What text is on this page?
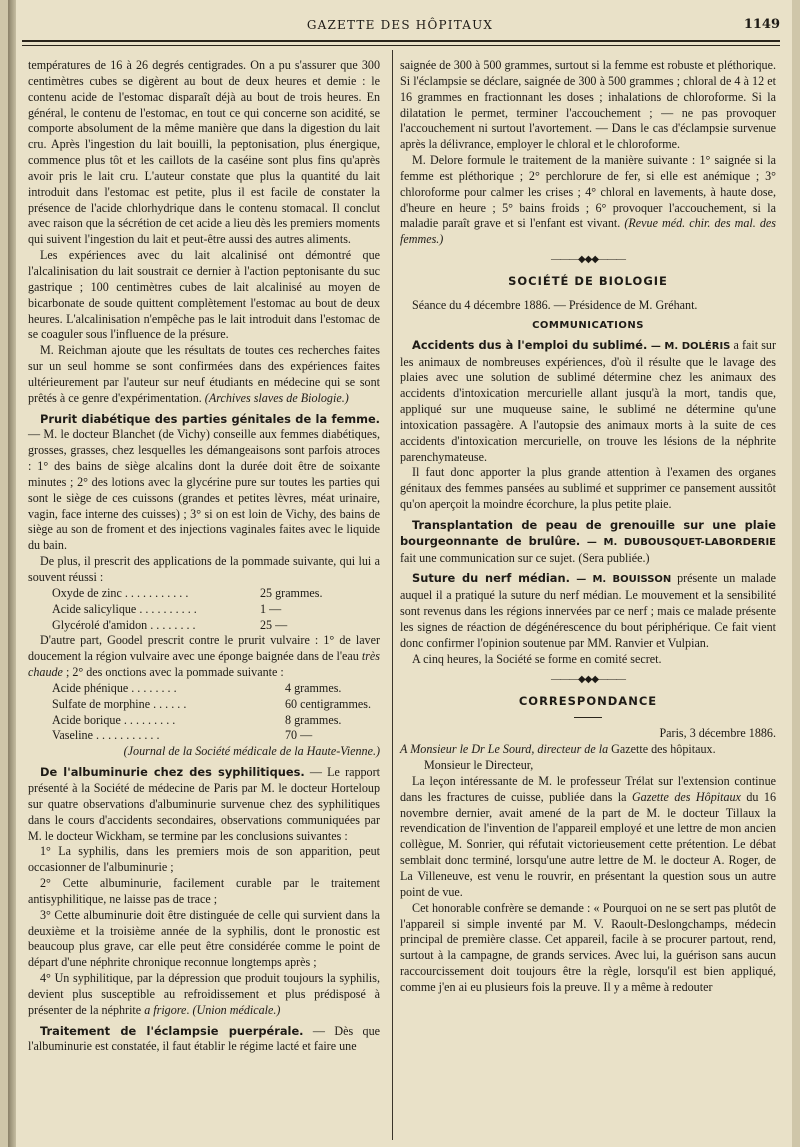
GAZETTE DES HÔPITAUX	1149

températures de 16 à 26 degrés centigrades. On a pu s'assurer que 300 centimètres cubes se digèrent au bout de deux heures et demie : le contenu acide de l'estomac disparaît déjà au bout de trois heures. En général, le contenu de l'estomac, en tout ce qui concerne son acidité, se comporte absolument de la même manière que dans la digestion du lait cru. Après l'ingestion du lait bouilli, la peptonisation, plus énergique, commence plus tôt et les caillots de la caséine sont plus fins qu'après avoir pris le lait cru. L'auteur constate que plus la quantité du lait introduit dans l'estomac est petite, plus il est facile de constater la présence de l'acide chlorhydrique dans le contenu stomacal. Il conclut avec raison que la sécrétion de cet acide a lieu dès les premiers moments qui suivent l'ingestion du lait et peut-être aussi des autres aliments.

Les expériences avec du lait alcalinisé ont démontré que l'alcalinisation du lait soustrait ce dernier à l'action peptonisante du suc gastrique ; 100 centimètres cubes de lait alcalinisé au moyen de bicarbonate de soude quittent complètement l'estomac au bout de deux heures. L'alcalinisation n'empêche pas le lait introduit dans l'estomac de se coaguler sous l'influence de la présure.

M. Reichman ajoute que les résultats de toutes ces recherches faites sur un seul homme se sont confirmées dans des expériences faites ultérieurement par l'auteur sur neuf étudiants en médecine qui se sont prêtés à ce genre d'expérimentation. (Archives slaves de Biologie.)

Prurit diabétique des parties génitales de la femme. — M. le docteur Blanchet (de Vichy) conseille aux femmes diabétiques, grosses, grasses, chez lesquelles les démangeaisons sont parfois atroces : 1° des bains de siège alcalins dont la durée doit être de soixante minutes ; 2° des lotions avec la glycérine pure sur toutes les parties qui sont le siège de ces cuissons (grandes et petites lèvres, méat urinaire, vagin, face interne des cuisses) ; 3° si on est loin de Vichy, des bains de siège au son de froment et des injections vaginales faites avec le liquide du bain.

De plus, il prescrit des applications de la pommade suivante, qui lui a souvent réussi :

Oxyde de zinc . . . . . . . . . . .	25 grammes.
Acide salicylique . . . . . . . . . .	1 —
Glycérolé d'amidon . . . . . . . .	25 —

D'autre part, Goodel prescrit contre le prurit vulvaire : 1° de laver doucement la région vulvaire avec une éponge baignée dans de l'eau très chaude ; 2° des onctions avec la pommade suivante :

Acide phénique . . . . . . . .	4 grammes.
Sulfate de morphine . . . . . .	60 centigrammes.
Acide borique . . . . . . . . .	8 grammes.
Vaseline . . . . . . . . . . .	70 —

(Journal de la Société médicale de la Haute-Vienne.)

De l'albuminurie chez des syphilitiques. — Le rapport présenté à la Société de médecine de Paris par M. le docteur Horteloup sur quatre observations d'albuminurie survenue chez des syphilitiques dans le cours d'accidents secondaires, observations communiquées par M. le docteur Wickham, se termine par les conclusions suivantes :

1° La syphilis, dans les premiers mois de son apparition, peut occasionner de l'albuminurie ;

2° Cette albuminurie, facilement curable par le traitement antisyphilitique, ne laisse pas de trace ;

3° Cette albuminurie doit être distinguée de celle qui survient dans la deuxième et la troisième année de la syphilis, dont le pronostic est beaucoup plus grave, car elle peut être considérée comme le point de départ d'une néphrite chronique reconnue longtemps après ;

4° Un syphilitique, par la dépression que produit toujours la syphilis, devient plus susceptible au refroidissement et plus prédisposé à présenter de la néphrite a frigore. (Union médicale.)

Traitement de l'éclampsie puerpérale. — Dès que l'albuminurie est constatée, il faut établir le régime lacté et faire une

saignée de 300 à 500 grammes, surtout si la femme est robuste et pléthorique. Si l'éclampsie se déclare, saignée de 300 à 500 grammes ; chloral de 4 à 12 et 16 grammes en fractionnant les doses ; inhalations de chloroforme. Si la dilatation le permet, terminer l'accouchement ; — ne pas provoquer l'accouchement ni surtout l'avortement. — Dans le cas d'éclampsie survenue après la délivrance, employer le chloral et le chloroforme.

M. Delore formule le traitement de la manière suivante : 1° saignée si la femme est pléthorique ; 2° perchlorure de fer, si elle est anémique ; 3° chloroforme pour calmer les crises ; 4° chloral en lavements, à haute dose, d'heure en heure ; 5° bains froids ; 6° provoquer l'accouchement, si la maladie paraît grave et si l'enfant est vivant. (Revue méd. chir. des mal. des femmes.)

———◆◆◆———
SOCIÉTÉ DE BIOLOGIE

Séance du 4 décembre 1886. — Présidence de M. Gréhant.

COMMUNICATIONS

Accidents dus à l'emploi du sublimé. — M. DOLÉRIS a fait sur les animaux de nombreuses expériences, d'où il résulte que le lavage des plaies avec une solution de sublimé détermine chez les animaux des accidents d'intoxication mercurielle allant jusqu'à la mort, tandis que, appliqué sur une muqueuse saine, le sublimé ne détermine qu'une intoxication passagère. A l'autopsie des animaux morts à la suite de ces accidents d'intoxication mercurielle, on trouve les lésions de la néphrite parenchymateuse.

Il faut donc apporter la plus grande attention à l'examen des organes génitaux des femmes pansées au sublimé et supprimer ce pansement aussitôt qu'on aperçoit la moindre écorchure, la plus petite plaie.

Transplantation de peau de grenouille sur une plaie bourgeonnante de brulûre. — M. DUBOUSQUET-LABORDERIE fait une communication sur ce sujet. (Sera publiée.)

Suture du nerf médian. — M. BOUISSON présente un malade auquel il a pratiqué la suture du nerf médian. Le mouvement et la sensibilité sont revenus dans les régions innervées par ce nerf ; mais ce malade présente les signes de réaction de dégénérescence du bout périphérique. Ce fait vient donc confirmer l'opinion soutenue par MM. Ranvier et Vulpian.

A cinq heures, la Société se forme en comité secret.

———◆◆◆———
CORRESPONDANCE

Paris, 3 décembre 1886.

A Monsieur le Dr Le Sourd, directeur de la Gazette des hôpitaux.

Monsieur le Directeur,

La leçon intéressante de M. le professeur Trélat sur l'extension continue dans les fractures de cuisse, publiée dans la Gazette des Hôpitaux du 16 novembre dernier, avait amené de la part de M. le docteur Tillaux la revendication de l'invention de l'appareil employé et une lettre de mon ancien collègue, M. Sonrier, qui réfutait victorieusement cette prétention. Le débat semblait donc terminé, lorsqu'une autre lettre de M. le docteur A. Roger, de La Villeneuve, est venu le rouvrir, en présentant la question sous un autre point de vue.

Cet honorable confrère se demande : « Pourquoi on ne se sert pas plutôt de l'appareil si simple inventé par M. V. Raoult-Deslongchamps, médecin principal de première classe. Cet appareil, facile à se procurer partout, rend, surtout à la campagne, de grands services. Avec lui, la guérison sans aucun raccourcissement doit toujours être la règle, lorsqu'il est bien appliqué, comme j'en ai eu plusieurs fois la preuve. Il y a même à redouter
